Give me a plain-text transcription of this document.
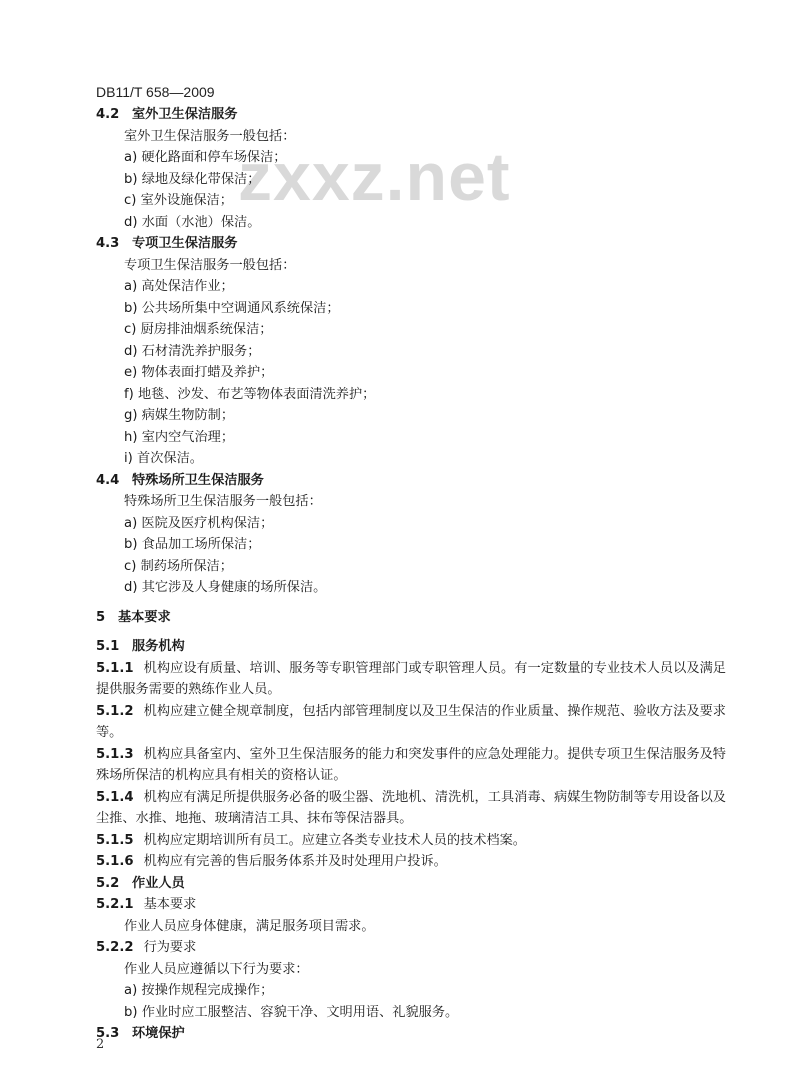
DB11/T 658—2009
zxxz.net
4.2 室外卫生保洁服务
室外卫生保洁服务一般包括：
a) 硬化路面和停车场保洁；
b) 绿地及绿化带保洁；
c) 室外设施保洁；
d) 水面（水池）保洁。
4.3 专项卫生保洁服务
专项卫生保洁服务一般包括：
a) 高处保洁作业；
b) 公共场所集中空调通风系统保洁；
c) 厨房排油烟系统保洁；
d) 石材清洗养护服务；
e) 物体表面打蜡及养护；
f) 地毯、沙发、布艺等物体表面清洗养护；
g) 病媒生物防制；
h) 室内空气治理；
i) 首次保洁。
4.4 特殊场所卫生保洁服务
特殊场所卫生保洁服务一般包括：
a) 医院及医疗机构保洁；
b) 食品加工场所保洁；
c) 制药场所保洁；
d) 其它涉及人身健康的场所保洁。
5 基本要求
5.1 服务机构
5.1.1 机构应设有质量、培训、服务等专职管理部门或专职管理人员。有一定数量的专业技术人员以及满足提供服务需要的熟练作业人员。
5.1.2 机构应建立健全规章制度，包括内部管理制度以及卫生保洁的作业质量、操作规范、验收方法及要求等。
5.1.3 机构应具备室内、室外卫生保洁服务的能力和突发事件的应急处理能力。提供专项卫生保洁服务及特殊场所保洁的机构应具有相关的资格认证。
5.1.4 机构应有满足所提供服务必备的吸尘器、洗地机、清洗机，工具消毒、病媒生物防制等专用设备以及尘推、水推、地拖、玻璃清洁工具、抹布等保洁器具。
5.1.5 机构应定期培训所有员工。应建立各类专业技术人员的技术档案。
5.1.6 机构应有完善的售后服务体系并及时处理用户投诉。
5.2 作业人员
5.2.1 基本要求
作业人员应身体健康，满足服务项目需求。
5.2.2 行为要求
作业人员应遵循以下行为要求：
a) 按操作规程完成操作；
b) 作业时应工服整洁、容貌干净、文明用语、礼貌服务。
5.3 环境保护
2
